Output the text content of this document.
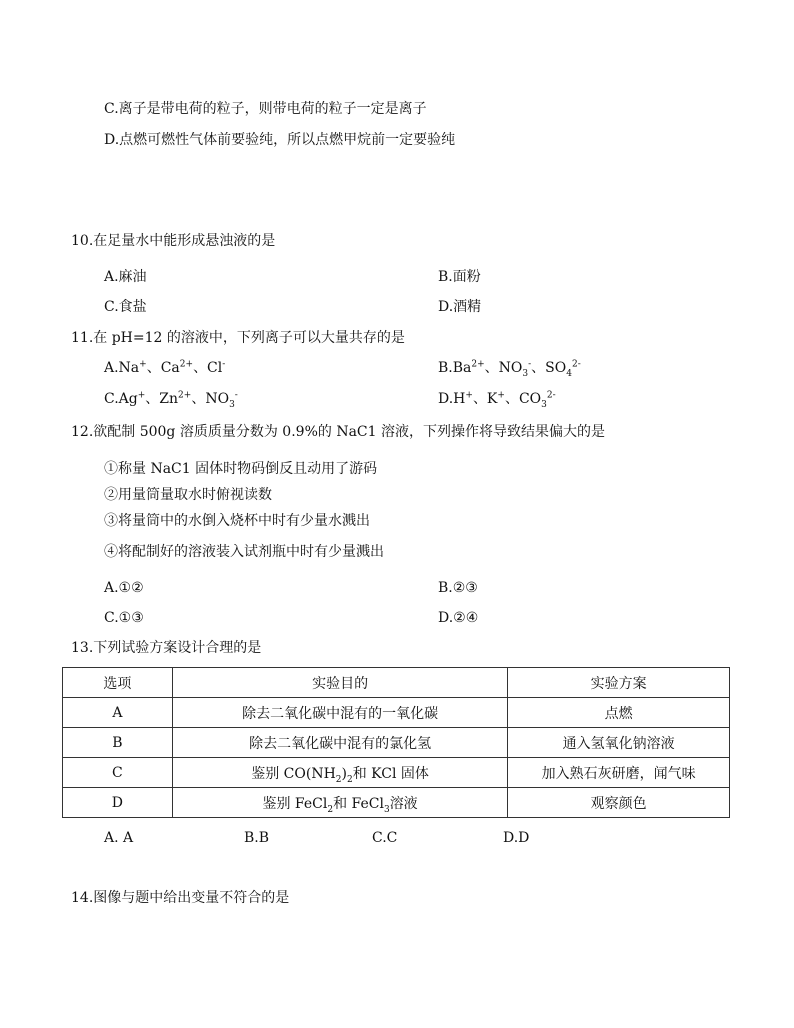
C.离子是带电荷的粒子，则带电荷的粒子一定是离子
D.点燃可燃性气体前要验纯，所以点燃甲烷前一定要验纯
10.在足量水中能形成悬浊液的是
A.麻油	B.面粉
C.食盐	D.酒精
11.在 pH=12 的溶液中，下列离子可以大量共存的是
A.Na+、$Ca^{2+}$、Cl-	$B.Ba^{2+}$、$NO_3^-$、$SO_4^{2-}$
C.Ag+、$Zn^{2+}$、$NO_3^-$	D.H+、K+、$CO_3^{2-}$
12.欲配制 500g 溶质质量分数为 0.9%的 NaC1 溶液，下列操作将导致结果偏大的是
①称量 NaC1 固体时物码倒反且动用了游码
②用量筒量取水时俯视读数
③将量筒中的水倒入烧杯中时有少量水溅出
④将配制好的溶液装入试剂瓶中时有少量溅出
A.①②	B.②③
C.①③	D.②④
13.下列试验方案设计合理的是
选项	实验目的	实验方案
A	除去二氧化碳中混有的一氧化碳	点燃
B	除去二氧化碳中混有的氯化氢	通入氢氧化钠溶液
C	鉴别 $CO(NH_2)_2$和 KCl 固体	加入熟石灰研磨，闻气味
D	鉴别 FeCl$_2$和 FeCl$_3$溶液	观察颜色
A. A	B.B	C.C	D.D
14.图像与题中给出变量不符合的是
